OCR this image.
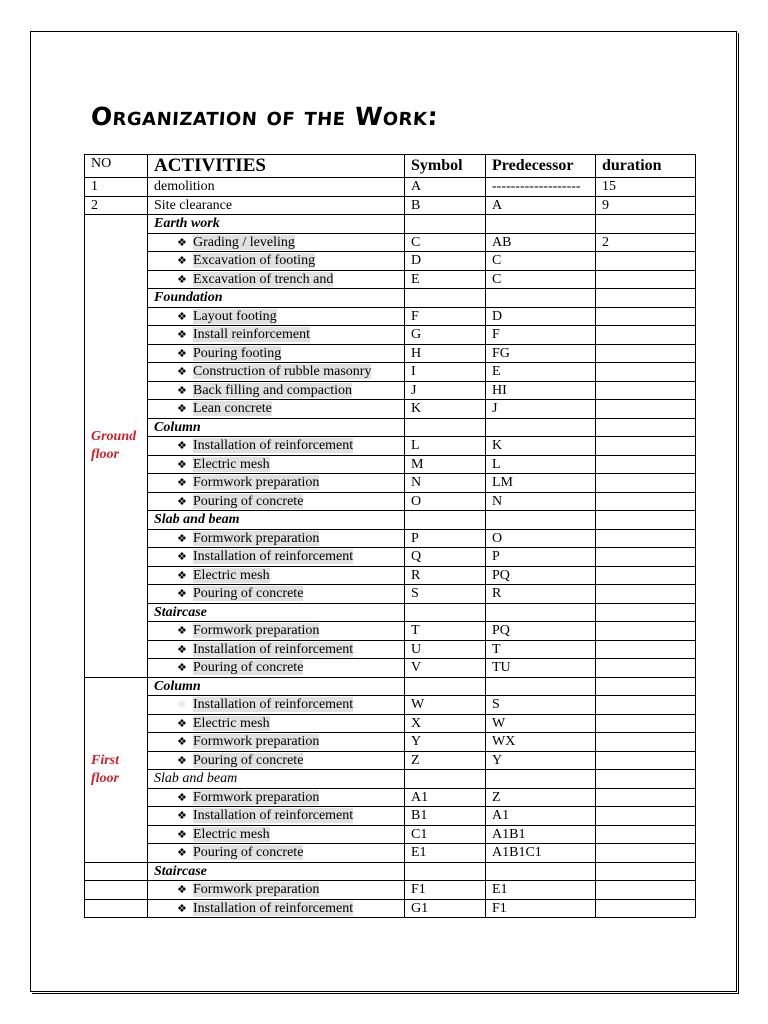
Organization of the Work:
NO	ACTIVITIES	Symbol	Predecessor	duration
1	demolition	A	-------------------	15
2	Site clearance	B	A	9
Ground floor	Earth work			
	❖ Grading / leveling	C	AB	2
	❖ Excavation of footing	D	C	
	❖ Excavation of trench and	E	C	
	Foundation			
	❖ Layout footing	F	D	
	❖ Install reinforcement	G	F	
	❖ Pouring footing	H	FG	
	❖ Construction of rubble masonry	I	E	
	❖ Back filling and compaction	J	HI	
	❖ Lean concrete	K	J	
	Column			
	❖ Installation of reinforcement	L	K	
	❖ Electric mesh	M	L	
	❖ Formwork preparation	N	LM	
	❖ Pouring of concrete	O	N	
	Slab and beam			
	❖ Formwork preparation	P	O	
	❖ Installation of reinforcement	Q	P	
	❖ Electric mesh	R	PQ	
	❖ Pouring of concrete	S	R	
	Staircase			
	❖ Formwork preparation	T	PQ	
	❖ Installation of reinforcement	U	T	
	❖ Pouring of concrete	V	TU	
First floor	Column			
	❖ Installation of reinforcement	W	S	
	❖ Electric mesh	X	W	
	❖ Formwork preparation	Y	WX	
	❖ Pouring of concrete	Z	Y	
	Slab and beam			
	❖ Formwork preparation	A1	Z	
	❖ Installation of reinforcement	B1	A1	
	❖ Electric mesh	C1	A1B1	
	❖ Pouring of concrete	E1	A1B1C1	
	Staircase			
	❖ Formwork preparation	F1	E1	
	❖ Installation of reinforcement	G1	F1	
